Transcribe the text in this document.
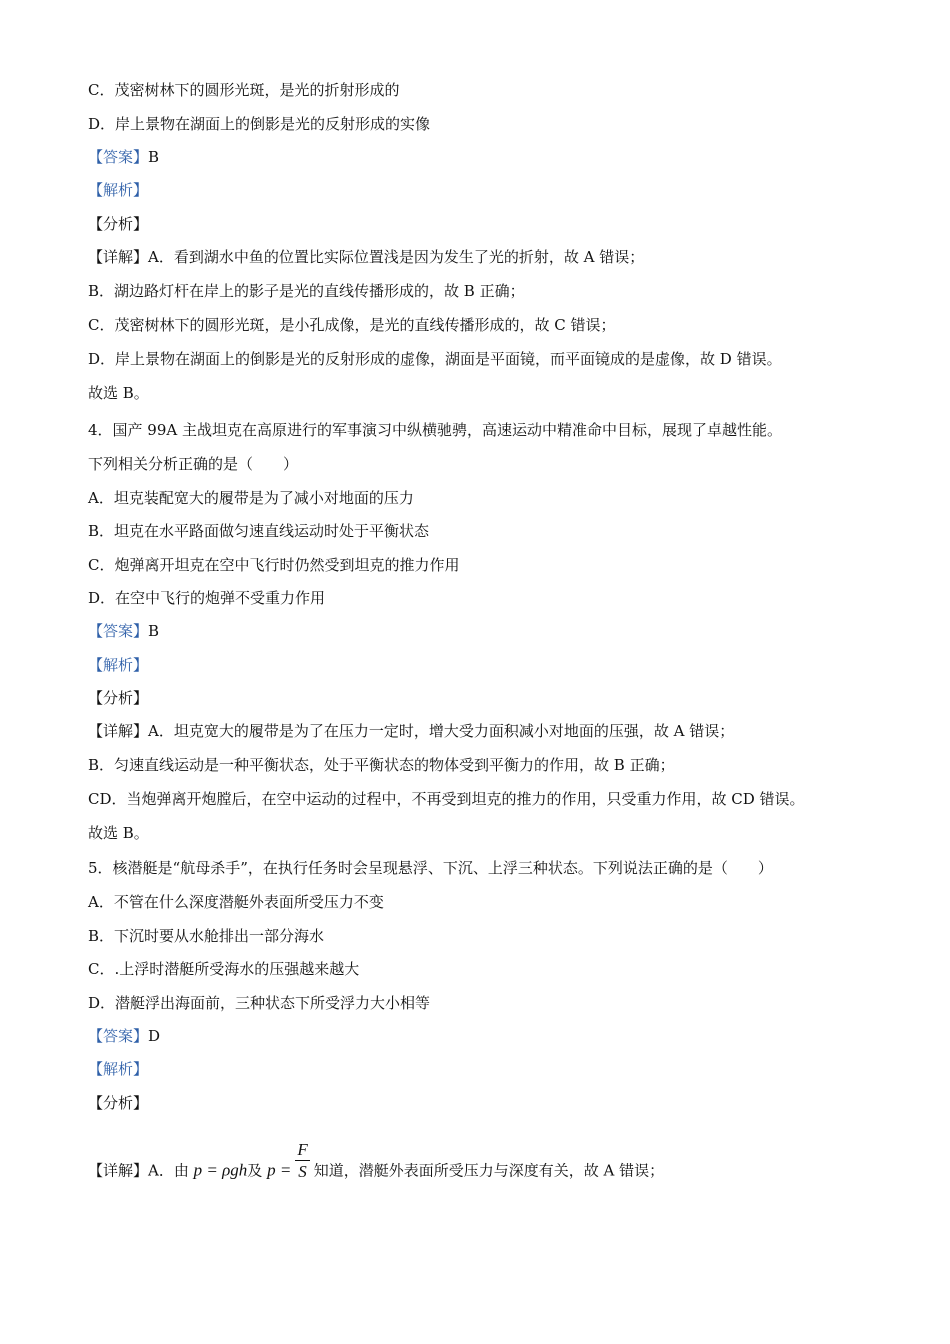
C．茂密树林下的圆形光斑，是光的折射形成的
D．岸上景物在湖面上的倒影是光的反射形成的实像
【答案】B
【解析】
【分析】
【详解】A．看到湖水中鱼的位置比实际位置浅是因为发生了光的折射，故 A 错误；
B．湖边路灯杆在岸上的影子是光的直线传播形成的，故 B 正确；
C．茂密树林下的圆形光斑，是小孔成像，是光的直线传播形成的，故 C 错误；
D．岸上景物在湖面上的倒影是光的反射形成的虚像，湖面是平面镜，而平面镜成的是虚像，故 D 错误。
故选 B。
4．国产 99A 主战坦克在高原进行的军事演习中纵横驰骋，高速运动中精准命中目标，展现了卓越性能。
下列相关分析正确的是（　　）
A．坦克装配宽大的履带是为了减小对地面的压力
B．坦克在水平路面做匀速直线运动时处于平衡状态
C．炮弹离开坦克在空中飞行时仍然受到坦克的推力作用
D．在空中飞行的炮弹不受重力作用
【答案】B
【解析】
【分析】
【详解】A．坦克宽大的履带是为了在压力一定时，增大受力面积减小对地面的压强，故 A 错误；
B．匀速直线运动是一种平衡状态，处于平衡状态的物体受到平衡力的作用，故 B 正确；
CD．当炮弹离开炮膛后，在空中运动的过程中，不再受到坦克的推力的作用，只受重力作用，故 CD 错误。
故选 B。
5．核潜艇是“航母杀手”，在执行任务时会呈现悬浮、下沉、上浮三种状态。下列说法正确的是（　　）
A．不管在什么深度潜艇外表面所受压力不变
B．下沉时要从水舱排出一部分海水
C．.上浮时潜艇所受海水的压强越来越大
D．潜艇浮出海面前，三种状态下所受浮力大小相等
【答案】D
【解析】
【分析】
【详解】A．由 p = ρgh及 $p = \frac{F}{S}$ 知道，潜艇外表面所受压力与深度有关，故 A 错误；
